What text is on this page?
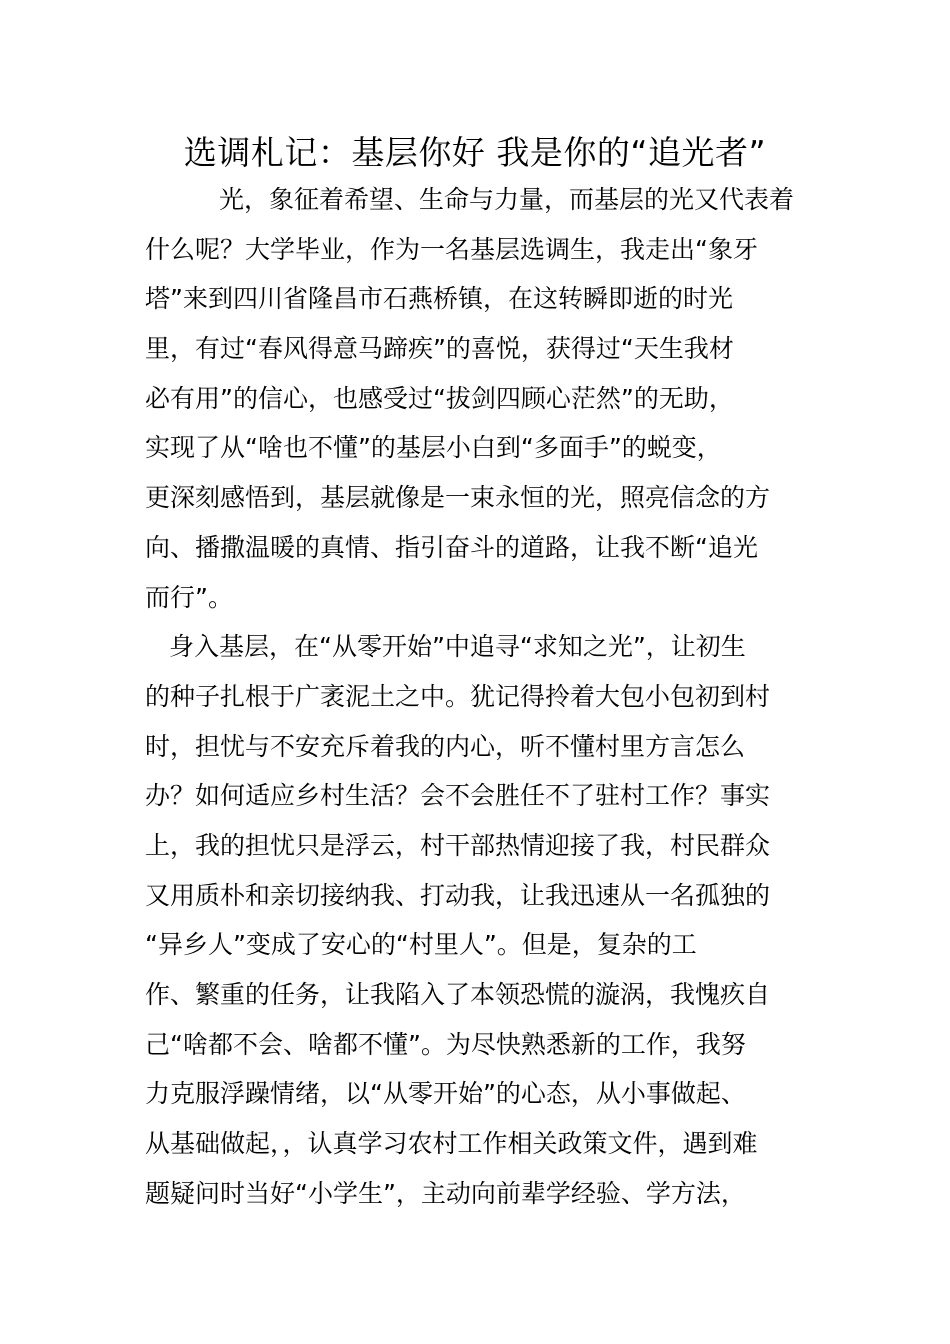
选调札记：基层你好 我是你的“追光者”
光，象征着希望、生命与力量，而基层的光又代表着
什么呢？大学毕业，作为一名基层选调生，我走出“象牙
塔”来到四川省隆昌市石燕桥镇，在这转瞬即逝的时光
里，有过“春风得意马蹄疾”的喜悦，获得过“天生我材
必有用”的信心，也感受过“拔剑四顾心茫然”的无助，
实现了从“啥也不懂”的基层小白到“多面手”的蜕变，
更深刻感悟到，基层就像是一束永恒的光，照亮信念的方
向、播撒温暖的真情、指引奋斗的道路，让我不断“追光
而行”。
身入基层，在“从零开始”中追寻“求知之光”，让初生
的种子扎根于广袤泥土之中。犹记得拎着大包小包初到村
时，担忧与不安充斥着我的内心，听不懂村里方言怎么
办？如何适应乡村生活？会不会胜任不了驻村工作？事实
上，我的担忧只是浮云，村干部热情迎接了我，村民群众
又用质朴和亲切接纳我、打动我，让我迅速从一名孤独的
“异乡人”变成了安心的“村里人”。但是，复杂的工
作、繁重的任务，让我陷入了本领恐慌的漩涡，我愧疚自
己“啥都不会、啥都不懂”。为尽快熟悉新的工作，我努
力克服浮躁情绪，以“从零开始”的心态，从小事做起、
从基础做起，，认真学习农村工作相关政策文件，遇到难
题疑问时当好“小学生”，主动向前辈学经验、学方法，
